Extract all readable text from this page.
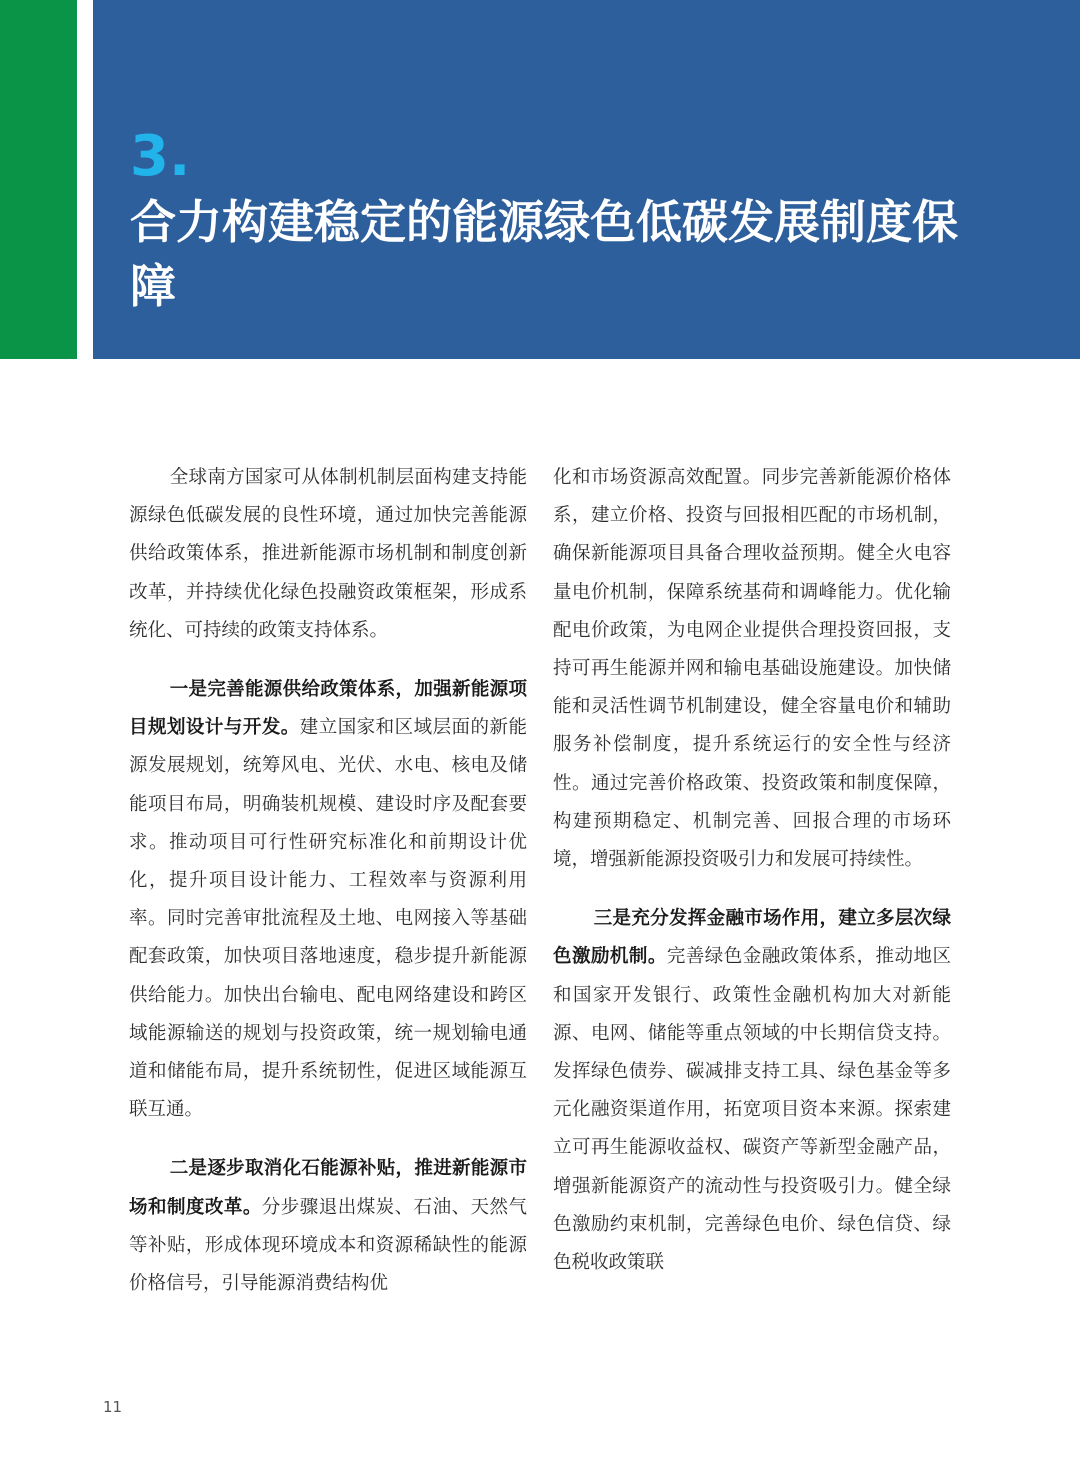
3.
合力构建稳定的能源绿色低碳发展制度保障

全球南方国家可从体制机制层面构建支持能源绿色低碳发展的良性环境，通过加快完善能源供给政策体系，推进新能源市场机制和制度创新改革，并持续优化绿色投融资政策框架，形成系统化、可持续的政策支持体系。

一是完善能源供给政策体系，加强新能源项目规划设计与开发。建立国家和区域层面的新能源发展规划，统筹风电、光伏、水电、核电及储能项目布局，明确装机规模、建设时序及配套要求。推动项目可行性研究标准化和前期设计优化，提升项目设计能力、工程效率与资源利用率。同时完善审批流程及土地、电网接入等基础配套政策，加快项目落地速度，稳步提升新能源供给能力。加快出台输电、配电网络建设和跨区域能源输送的规划与投资政策，统一规划输电通道和储能布局，提升系统韧性，促进区域能源互联互通。

二是逐步取消化石能源补贴，推进新能源市场和制度改革。分步骤退出煤炭、石油、天然气等补贴，形成体现环境成本和资源稀缺性的能源价格信号，引导能源消费结构优

化和市场资源高效配置。同步完善新能源价格体系，建立价格、投资与回报相匹配的市场机制，确保新能源项目具备合理收益预期。健全火电容量电价机制，保障系统基荷和调峰能力。优化输配电价政策，为电网企业提供合理投资回报，支持可再生能源并网和输电基础设施建设。加快储能和灵活性调节机制建设，健全容量电价和辅助服务补偿制度，提升系统运行的安全性与经济性。通过完善价格政策、投资政策和制度保障，构建预期稳定、机制完善、回报合理的市场环境，增强新能源投资吸引力和发展可持续性。

三是充分发挥金融市场作用，建立多层次绿色激励机制。完善绿色金融政策体系，推动地区和国家开发银行、政策性金融机构加大对新能源、电网、储能等重点领域的中长期信贷支持。发挥绿色债券、碳减排支持工具、绿色基金等多元化融资渠道作用，拓宽项目资本来源。探索建立可再生能源收益权、碳资产等新型金融产品，增强新能源资产的流动性与投资吸引力。健全绿色激励约束机制，完善绿色电价、绿色信贷、绿色税收政策联

11
